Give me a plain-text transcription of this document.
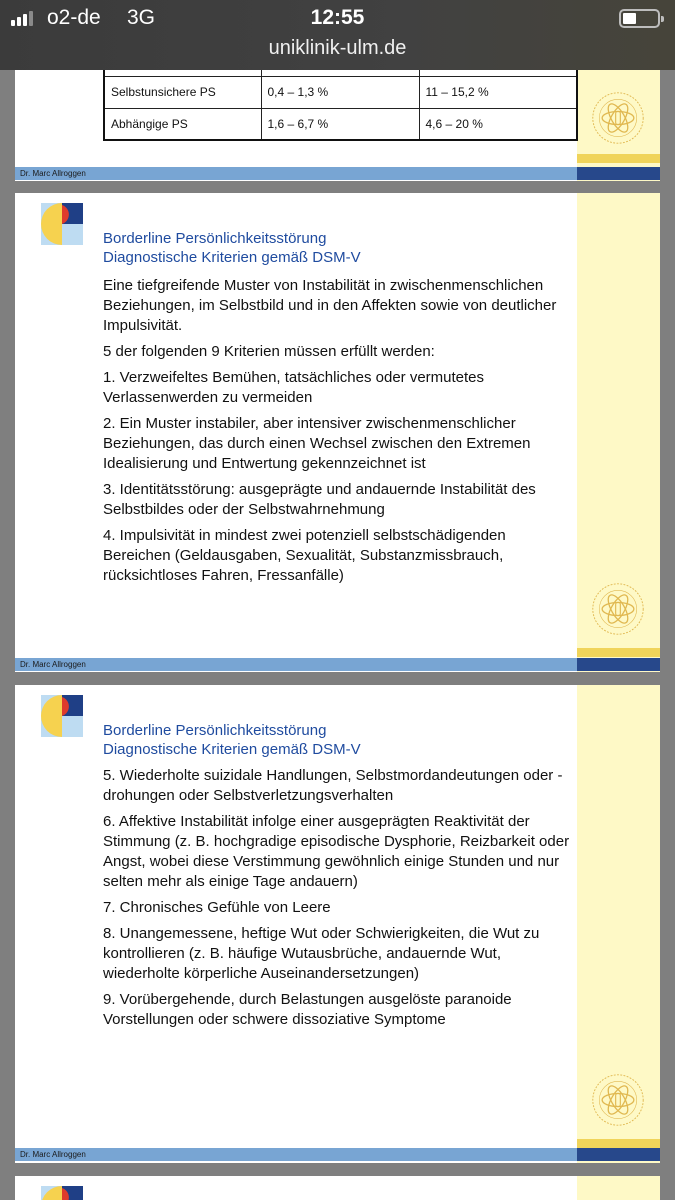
o2-de 3G	12:55
uniklinik-ulm.de

Selbstunsichere PS	0,4 – 1,3 %	11 – 15,2 %
Abhängige PS	1,6 – 6,7 %	4,6 – 20 %
Dr. Marc Allroggen
Borderline Persönlichkeitsstörung
Diagnostische Kriterien gemäß DSM-V

Eine tiefgreifende Muster von Instabilität in zwischenmenschlichen Beziehungen, im Selbstbild und in den Affekten sowie von deutlicher Impulsivität.

5 der folgenden 9 Kriterien müssen erfüllt werden:

1. Verzweifeltes Bemühen, tatsächliches oder vermutetes Verlassenwerden zu vermeiden

2. Ein Muster instabiler, aber intensiver zwischenmenschlicher Beziehungen, das durch einen Wechsel zwischen den Extremen Idealisierung und Entwertung gekennzeichnet ist

3. Identitätsstörung: ausgeprägte und andauernde Instabilität des Selbstbildes oder der Selbstwahrnehmung

4. Impulsivität in mindest zwei potenziell selbstschädigenden Bereichen (Geldausgaben, Sexualität, Substanzmissbrauch, rücksichtloses Fahren, Fressanfälle)

Dr. Marc Allroggen
Borderline Persönlichkeitsstörung
Diagnostische Kriterien gemäß DSM-V

5. Wiederholte suizidale Handlungen, Selbstmordandeutungen oder -drohungen oder Selbstverletzungsverhalten

6. Affektive Instabilität infolge einer ausgeprägten Reaktivität der Stimmung (z. B. hochgradige episodische Dysphorie, Reizbarkeit oder Angst, wobei diese Verstimmung gewöhnlich einige Stunden und nur selten mehr als einige Tage andauern)

7. Chronisches Gefühle von Leere

8. Unangemessene, heftige Wut oder Schwierigkeiten, die Wut zu kontrollieren (z. B. häufige Wutausbrüche, andauernde Wut, wiederholte körperliche Auseinandersetzungen)

9. Vorübergehende, durch Belastungen ausgelöste paranoide Vorstellungen oder schwere dissoziative Symptome

Dr. Marc Allroggen
